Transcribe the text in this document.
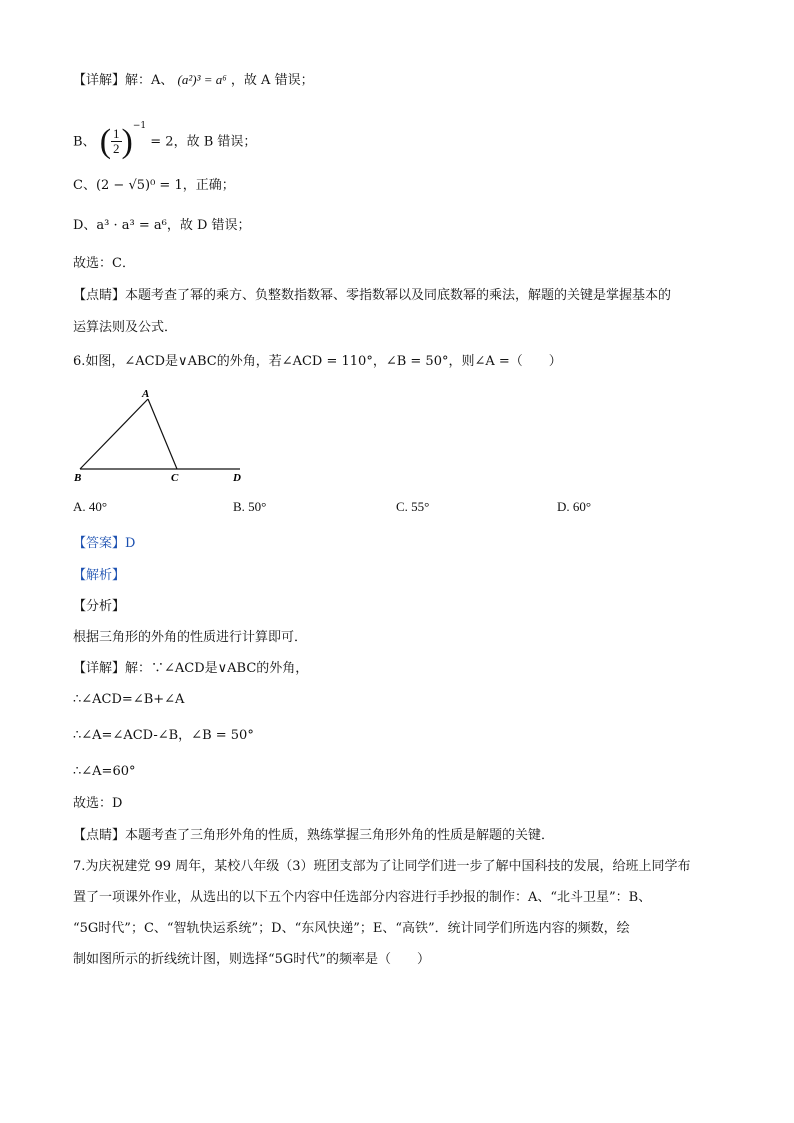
【详解】解：A、 (a²)³ = a⁶ ，故 A 错误；
B、 ( $\frac{1}{2} )^{-1} = 2$，故 B 错误；
C、(2 − √5)⁰ = 1，正确；
D、a³ · a³ = a⁶，故 D 错误；
故选：C．
【点睛】本题考查了幂的乘方、负整数指数幂、零指数幂以及同底数幂的乘法，解题的关键是掌握基本的
运算法则及公式．
6.如图，∠ACD是∨ABC的外角，若∠ACD = 110°，∠B = 50°，则∠A =（　　）
A
B	C	D
A. 40°	B. 50°	C. 55°	D. 60°
【答案】D
【解析】
【分析】
根据三角形的外角的性质进行计算即可．
【详解】解：∵∠ACD是∨ABC的外角，
∴∠ACD=∠B+∠A
∴∠A=∠ACD-∠B，∠B = 50°
∴∠A=60°
故选：D
【点睛】本题考查了三角形外角的性质，熟练掌握三角形外角的性质是解题的关键．
7.为庆祝建党 99 周年，某校八年级（3）班团支部为了让同学们进一步了解中国科技的发展，给班上同学布
置了一项课外作业，从选出的以下五个内容中任选部分内容进行手抄报的制作：A、“北斗卫星”：B、
“5G时代”；C、“智轨快运系统”；D、“东风快递”；E、“高铁”．统计同学们所选内容的频数，绘
制如图所示的折线统计图，则选择“5G时代”的频率是（　　）
